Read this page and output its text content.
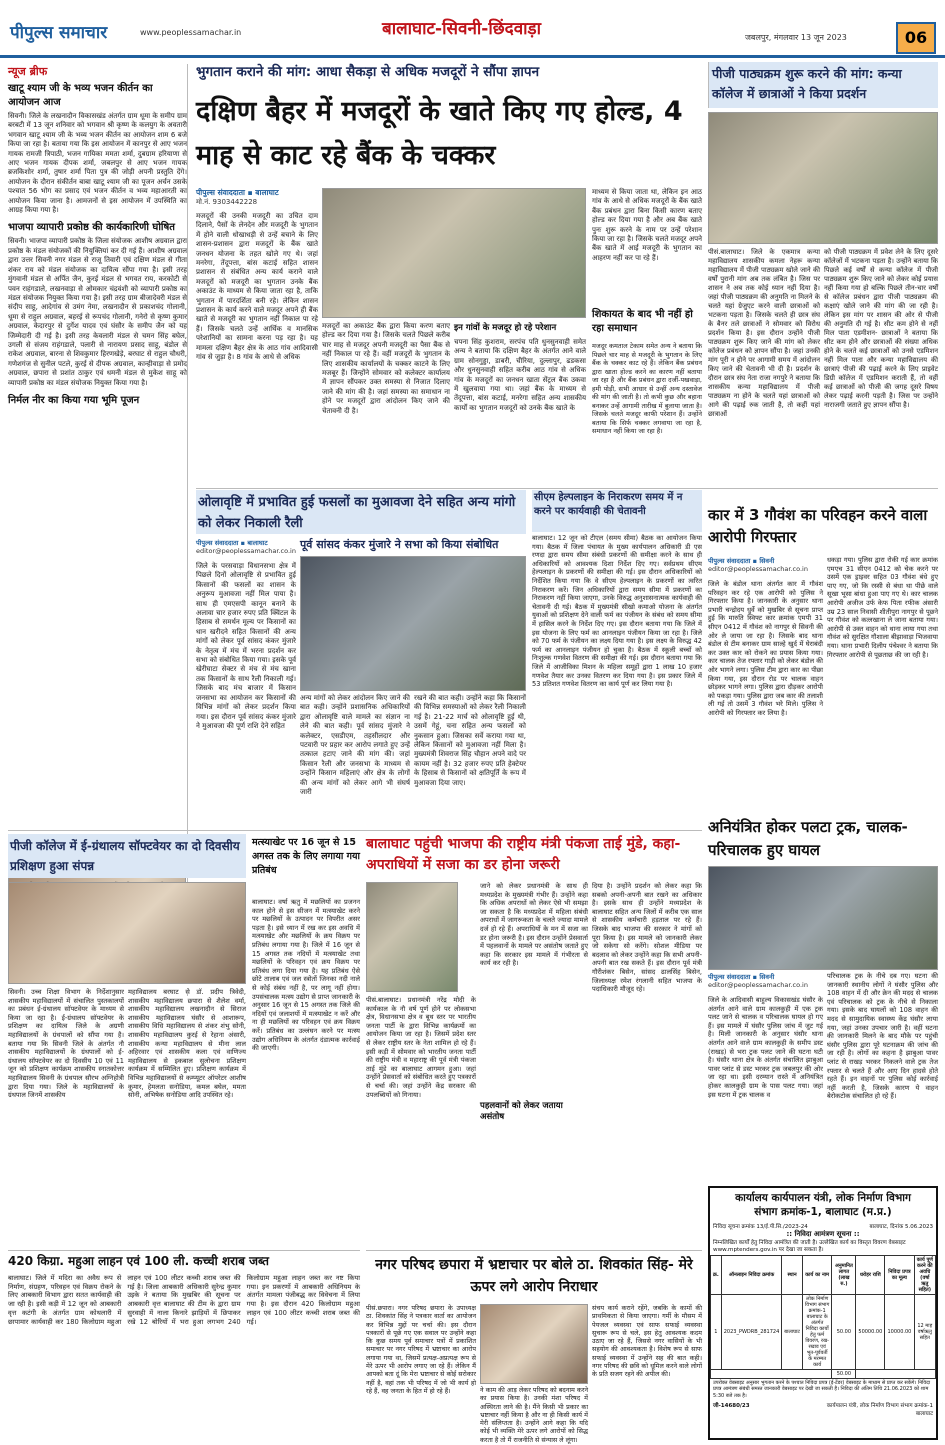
पीपुल्स समाचार	www.peoplessamachar.in	बालाघाट-सिवनी-छिंदवाड़ा	जबलपुर, मंगलवार 13 जून 2023	06
न्यूज ब्रीफ
खाटू श्याम जी के भव्य भजन कीर्तन का आयोजन आज
सिवनी। जिले के लखनादौन विकासखंड अंतर्गत ग्राम धूमा के समीप ग्राम बरबटी में 13 जून शनिवार को भगवान श्री कृष्ण के कलयुग के अवतारी भगवान खाटू श्याम जी के भव्य भजन कीर्तन का आयोजन शाम 6 बजे किया जा रहा है। बताया गया कि इस आयोजन में कानपुर से आए भजन गायक रामजी त्रिपाठी, भजन गायिका ममता शर्मा, दुबग्राम हरियाणा से आए भजन गायक दीपक शर्मा, जबलपुर से आए भजन गायक ब्रजकिशोर शर्मा, तुषार शर्मा पिता पुत्र की जोड़ी अपनी प्रस्तुति देंगे। आयोजन के दौरान संकीर्तन बाबा खाटू श्याम जी का पूजन अर्चन उसके पश्चात 56 भोग का प्रसाद एवं भजन कीर्तन व भव्य महाआरती का आयोजन किया जाना है। आमजनों से इस आयोजन में उपस्थिति का आग्रह किया गया है।
भाजपा व्यापारी प्रकोष्ठ की कार्यकारिणी घोषित
सिवनी। भाजपा व्यापारी प्रकोष्ठ के जिला संयोजक आशीष अग्रवाल द्वारा प्रकोष्ठ के मंडल संयोजकों की नियुक्तियां कर दी गई हैं। आशीष अग्रवाल द्वारा उत्तर सिवनी नगर मंडल से राजू तिवारी एवं दक्षिण मंडल से गीता शंकर राय को मंडल संयोजक का दायित्व सौंपा गया है। इसी तरह मुंगवानी मंडल से अर्पित जैन, कुरई मंडल से भगवत राय, करकोटी से पवन राहंगडाले, लखनवाड़ा से ओमकार चंद्रवंशी को व्यापारी प्रकोष्ठ का मंडल संयोजक नियुक्त किया गया है। इसी तरह ग्राम बीजादेवरी मंडल से संदीप साहू, आदेगांव से उमंग नेमा, लखनादौन से प्रकाशचंद गोलानी, धूमा से राहुल अग्रवाल, बहरई से रूपचंद गोलानी, गनेरो से कृष्ण कुमार अग्रवाल, केदारपुर से दुर्गेश यादव एवं घंसौर के समीप जैन को यह जिम्मेदारी दी गई है। इसी तरह केवलारी मंडल से चमन सिंह बघेल, उगली से संजय राहंगडाले, पलारी से नारायण प्रसाद साहू, बंडोल से राकेश अग्रवाल, बारना से शिवकुमार हिरणखेड़े, बरघाट से राहुल चौधरी, गणेशगंज से सुनील पटले, कुरई से दीपक अग्रवाल, कान्हीवाड़ा से प्रमोद अग्रवाल, छपारा से प्रशांत ठाकुर एवं धमनी मंडल से मुकेश साहू को व्यापारी प्रकोष्ठ का मंडल संयोजक नियुक्त किया गया है।
निर्मल नीर का किया गया भूमि पूजन
भुगतान कराने की मांग: आधा सैकड़ा से अधिक मजदूरों ने सौंपा ज्ञापन
दक्षिण बैहर में मजदूरों के खाते किए गए होल्ड, 4 माह से काट रहे बैंक के चक्कर
पीपुल्स संवाददाता ▪ बालाघाट
मो.नं. 9303442228
मजदूरों की उनकी मजदूरी का उचित दाम दिलाने, पैसों के लेनदेन और मजदूरी के भुगतान में होने वाली धोखाधड़ी से उन्हें बचाने के लिए शासन-प्रशासन द्वारा मजदूरों के बैंक खाते जनधन योजना के तहत खोले गए थे। जहां मनरेगा, तेंदूपत्ता, बांस कटाई सहित शासन प्रशासन से संबंधित अन्य कार्य कराने वाले मजदूरों को मजदूरी का भुगतान उनके बैंक अकाउंट के माध्यम से किया जाता रहा है, ताकि भुगतान में पारदर्शिता बनी रहे। लेकिन शासन प्रशासन के कार्य करने वाले मजदूर अपने ही बैंक खाते से मजदूरी का भुगतान नहीं निकाल पा रहे हैं। जिसके चलते उन्हें आर्थिक व मानसिक परेशानियों का सामना करना पड़ रहा है। यह मामला दक्षिण बैहर क्षेत्र के आठ गांव आदिवासी गांव से जुड़ा है। 8 गांव के आधे से अधिक
मजदूरों का अकाउंट बैंक द्वारा किया करण बताए होल्ड कर दिया गया है। जिसके चलते पिछले करीब चार माह से मजदूर अपनी मजदूरी का पैसा बैंक से नहीं निकाल पा रहे हैं। वहीं मजदूरों के भुगतान के लिए शासकीय कार्यालयों के चक्कर काटने के लिए मजबूर हैं। जिन्होंने सोमवार को कलेक्टर कार्यालय में ज्ञापन सौंपकर उक्त समस्या से निजात दिलाए जाने की मांग की है। जहां समस्या का समाधान ना होने पर मजदूरों द्वारा आंदोलन किए जाने की चेतावनी दी है।
इन गांवों के मजदूर हो रहे परेशान
चपना सिंह कुशराम, सरपंच पति धुनसुनवाही समेत अन्य ने बताया कि दक्षिण बैहर के अंतर्गत आने वाले ग्राम सोनगुड्डा, डाबरी, चीरिया, दुल्लापुर, ढडकसा और धुनसुनवाही सहित करीब आठ गांव से अधिक गांव के मजदूरों का जनधन खाता सेंट्रल बैंक उकवा में खुलवाया गया था। जहां बैंक के माध्यम से तेंदूपत्ता, बांस कटाई, मनरेगा सहित अन्य शासकीय कार्यों का भुगतान मजदूरों को उनके बैंक खाते के
माध्यम से किया जाता था, लेकिन इन आठ गांव के आधे से अधिक मजदूरों के बैंक खाते बैंक प्रबंधन द्वारा बिना किसी कारण बताए होल्ड कर दिया गया है और अब बैंक खाते पुनः शुरू करने के नाम पर उन्हें परेशान किया जा रहा है। जिसके चलते मजदूर अपने बैंक खाते में आई मजदूरी के भुगतान का आहरण नहीं कर पा रहे हैं।
शिकायत के बाद भी नहीं हो रहा समाधान
मजदूर कमताल टेकाम समेत अन्य ने बताया कि पिछले चार माह से मजदूरी के भुगतान के लिए बैंक के चक्कर काट रहे हैं। लेकिन बैंक प्रबंधन द्वारा खाता होल्ड करने का कारण नहीं बताया जा रहा है और बैंक प्रबंधन द्वारा दर्जी-पखवाड़ा, हमी पोड़ी, सभी आधार से उन्हीं अन्य दस्तावेज की मांग की जाती है। तो कभी कुछ और बहाना बनाकर उन्हें आगामी तारीख में बुलाया जाता है। जिसके चलते मजदूर काफी परेशान हैं। उन्होंने बताया कि सिर्फ चक्कर लगवाया जा रहा है, समाधान नहीं किया जा रहा है।
पीजी पाठ्यक्रम शुरू करने की मांग: कन्या कॉलेज में छात्राओं ने किया प्रदर्शन
पीसं.बालाघाट। जिले के एकमात्र कन्या महाविद्यालय शासकीय कमला नेहरू कन्या महाविद्यालय में पीजी पाठ्यक्रम खोले जाने की वर्षों पुरानी मांग अब तक लंबित है। जिस पर शासन ने अब तक कोई ध्यान नहीं दिया है। जहां पीजी पाठ्यक्रम की अनुमति ना मिलने के चलते यहां ग्रेजुएट करने वाली छात्राओं को भटकना पड़ता है। जिसके चलते ही छात्र संघ के बैनर तले छात्राओं ने सोमवार को विरोध प्रदर्शन किया है। इस दौरान उन्होंने पीजी पाठ्यक्रम शुरू किए जाने की मांग को लेकर कॉलेज प्रबंधन को ज्ञापन सौंपा है। जहां उनकी मांग पूरी न होने पर आगामी समय में आंदोलन किए जाने की चेतावनी भी दी है। प्रदर्शन के दौरान छात्र संघ नेता राजा नगपुरे ने बताया कि शासकीय कन्या महाविद्यालय में पीजी पाठ्यक्रम ना होने के चलते यहां छात्राओं को आगे की पढ़ाई रुक जाती है, तो कहीं यहां छात्राओं
को पीजी पाठ्यक्रम में प्रवेश लेने के लिए दूसरे कॉलेजों में भटकना पड़ता है। उन्होंने बताया कि पिछले कई वर्षों से कन्या कॉलेज में पीजी पाठ्यक्रम शुरू किए जाने को लेकर कोई प्रयास नहीं किया गया हो बल्कि पिछले तीन-चार वर्षों से कॉलेज प्रबंधन द्वारा पीजी पाठ्यक्रम की कक्षाएं खोले जाने की मांग की जा रही है। लेकिन इस मांग पर शासन की ओर से पीजी की अनुमति दी गई है। सीट कम होने से नहीं मिल पाता एडमीशन- छात्राओं ने बताया कि सीट कम होने और छात्राओं की संख्या अधिक होने के चलते कई छात्राओं को उनसे एडमिशन नहीं मिल पाता और कन्या महाविद्यालय की छात्राएं पीजी की पढ़ाई करने के लिए प्राइवेट डिग्री कॉलेज में एडमिशन कराती हैं, तो वहीं कई छात्राओं को पीजी की जगह दूसरे विषय लेकर पढ़ाई करनी पड़ती है। जिस पर उन्होंने नाराजगी जताते हुए ज्ञापन सौंपा है।
ओलावृष्टि में प्रभावित हुई फसलों का मुआवजा देने सहित अन्य मांगो को लेकर निकाली रैली
पूर्व सांसद कंकर मुंजारे ने सभा को किया संबोधित
पीपुल्स संवाददाता ▪ बालाघाट
editor@peoplessamachar.co.in
जिले के परसवाड़ा विधानसभा क्षेत्र में पिछले दिनों ओलावृष्टि से प्रभावित हुई किसानों की फसलों का शासन के अनुरूप मुआवजा नहीं मिल पाया है। साथ ही एमएसपी कानून बनाने के अलावा चार हजार रुपए प्रति क्विंटल के हिसाब से समर्थन मूल्य पर किसानों का धान खरीदने सहित किसानों की अन्य मांगों को लेकर पूर्व सांसद कंकर मुंजारे के नेतृत्व में मंच में भरना प्रदर्शन कर सभा को संबोधित किया गया। इसके पूर्व खेरीघाटा सेक्टर से मंच से मंच खाना तक किसानों के साथ रैली निकाली गई। जिसके बाद मंच बाजार में किसान जनसभा का आयोजन कर किसानों की विभिन्न मांगों को लेकर प्रदर्शन किया गया। इस दौरान पूर्व सांसद कंकर मुंजारे ने मुआवजा की पूर्ण राशि देने सहित
अन्य मांगों को लेकर आंदोलन किए जाने की बात कही। उन्होंने प्रशासनिक अधिकारियों द्वारा ओलावृष्टि वाले मामले का संज्ञान ना लेने की बात कही। पूर्व सांसद मुंजारे ने कलेक्टर, एसडीएम, तहसीलदार और पटवारी पर प्रहार कर आरोप लगाते हुए उन्हें तत्काल हटाए जाने की मांग की। जहां किसान रैली और जनसभा के माध्यम से उन्होंने किसान महिलाएं और क्षेत्र के लोगों की अन्य मांगों को लेकर आगे भी संघर्ष जारी
रखने की बात कही। उन्होंने कहा कि किसानों की विभिन्न समस्याओं को लेकर रैली निकाली गई है। 21-22 मार्च को ओलावृष्टि हुई थी, उसमें गेहूं, चना सहित अन्य फसलों को नुकसान हुआ। जिसका सर्वे कराया गया था, लेकिन किसानों को मुआवजा नहीं मिला है। मुख्यमंत्री शिवराज सिंह चौहान अपने वादे पर कायम नहीं है। 32 हजार रुपए प्रति हेक्टेयर के हिसाब से किसानों को क्षतिपूर्ति के रूप में मुआवजा दिया जाए।
सीएम हेल्पलाइन के निराकरण समय में न करने पर कार्यवाही की चेतावनी
बालाघाट। 12 जून को टीएल (समय सीमा) बैठक का आयोजन किया गया। बैठक में जिला पंचायत के मुख्य कार्यपालन अधिकारी डी एस रणदा द्वारा समय सीमा संबंधी प्रकरणों की समीक्षा करने के साथ ही अधिकारियों को आवश्यक दिशा निर्देश दिए गए। सर्वप्रथम सीएम हेल्पलाइन के प्रकरणों की समीक्षा की गई। इस दौरान अधिकारियों को निर्देशित किया गया कि वे सीएम हेल्पलाइन के प्रकरणों का त्वरित निराकरण करें। जिन अधिकारियों द्वारा समय सीमा में प्रकरणों का निराकरण नहीं किया जाएगा, उनके विरुद्ध अनुशासनात्मक कार्यवाही की चेतावनी दी गई। बैठक में मुख्यमंत्री सीखो कमाओ योजना के अंतर्गत युवाओं को प्रशिक्षण देने वाली फर्म का पंजीयन के संबंध को समय सीमा में हासिल करने के निर्देश दिए गए। इस दौरान बताया गया कि जिले में इस योजना के लिए फर्म का आनलाइन पंजीयन किया जा रहा है। जिले को 70 फर्म के पंजीयन का लक्ष्य दिया गया है। इस लक्ष्य के विरुद्ध 42 फर्म का आनलाइन पंजीयन हो चुका है। बैठक में स्कूली बच्चों को निःशुल्क गणवेश वितरण की समीक्षा की गई। इस दौरान बताया गया कि जिले में आजीविका मिशन के महिला समूहों द्वारा 1 लाख 10 हजार गणवेश तैयार कर उनका वितरण कर दिया गया है। इस प्रकार जिले में 53 प्रतिशत गणवेश वितरण का कार्य पूर्ण कर लिया गया है।
कार में 3 गौवंश का परिवहन करने वाला आरोपी गिरफ्तार
पीपुल्स संवाददाता ▪ सिवनी
editor@peoplessamachar.co.in
जिले के बंडोल थाना अंतर्गत कार में गौवंश परिवहन कर रहे एक आरोपी को पुलिस ने गिरफ्तार किया है। जानकारी के अनुसार थाना प्रभारी चन्द्रोदय धुर्वे को मुखबिर से सूचना प्राप्त हुई कि मारुति स्विफ्ट कार क्रमांक एमपी 31 सीएन 0412 में गौवंश को नागपुर से सिवनी की ओर ले जाया जा रहा है। जिसके बाद थाना बंडोल से टीम बनाकर ग्राम साल्हे खुर्द में घेराबंदी कर उक्त कार को रोकने का प्रयास किया गया। कार चालक तेज रफ्तार गाड़ी को लेकर बंडोल की ओर भागने लगा। पुलिस टीम द्वारा कार का पीछा किया गया, इस दौरान रोड पर चालक वाहन छोड़कर भागने लगा। पुलिस द्वारा दौड़कर आरोपी को पकड़ा गया। पुलिस द्वारा जब कार की तलाशी ली गई तो उसमें 3 गौवंश भरे मिले। पुलिस ने आरोपी को गिरफ्तार कर लिया है।
धकड़ा गया। पुलिस द्वारा रोकी गई कार क्रमांक एमएच 31 सीएन 0412 को चेक करने पर उसमें एक ड्राइवर सहित 03 गौवंश बंधे हुए पाए गए, जो कि रस्सी से बंधा था पीछे वाले सूखा भूसा बांधा हुआ पाए गए थे। कार चालक आरोपी अजीज उर्फ केफ पिता रफीक अंसारी उम्र 23 साल निवासी शीतीपुरा नागपुर से पूछने पर गौवंश को कत्लखाना ले जाना बताया गया। आरोपी से उक्त वाहन को थाना लाया गया तथा गौवंश को सुरक्षित गौशाला बीझावाड़ा भिजवाया गया। थाना प्रभारी दिलीप पंचेश्वर ने बताया कि गिरफ्तार आरोपी से पूछताछ की जा रही है।
अनियंत्रित होकर पलटा ट्रक, चालक-परिचालक हुए घायल
पीपुल्स संवाददाता ▪ सिवनी
editor@peoplessamachar.co.in
जिले के आदिवासी बाहुल्य विकासखंड घंसौर के अंतर्गत आने वाले ग्राम कालकुही में एक ट्रक पलट जाने से चालक व परिचालक घायल हो गए हैं। इस मामले में घंसौर पुलिस जांच में जुट गई है। मिली जानकारी के अनुसार घंसौर थाना अंतर्गत आने वाले ग्राम कालकुही के समीप डस्ट (राखड़) से भरा ट्रक पलट जाने की घटना घटी है। घंसौर थाना क्षेत्र के अंतर्गत संचालित झाबुआ पावर प्लांट से डस्ट भरकर ट्रक जबलपुर की ओर जा रहा था। इसी दरम्यान रास्ते में अनियंत्रित होकर कालकुही ग्राम के पास पलट गया। जहां इस घटना में ट्रक चालक व
परिचालक ट्रक के नीचे दब गए। घटना की जानकारी स्थानीय लोगों ने घंसौर पुलिस और 108 वाहन में दी और क्रेन की मदद से चालक एवं परिचालक को ट्रक के नीचे से निकाला गया। इसके बाद घायलों को 108 वाहन की मदद से सामुदायिक स्वास्थ्य केंद्र घंसौर लाया गया, जहां उनका उपचार जारी है। वहीं घटना की जानकारी मिलने के बाद मौके पर पहुंची घंसौर पुलिस द्वारा पूरे घटनाक्रम की जांच की जा रही है। लोगों का कहना है झाबुआ पावर प्लांट से राखड़ भरकर निकलने वाले ट्रक तेज रफ्तार से चलते हैं और आए दिन हादसे होते रहते हैं। इन वाहनों पर पुलिस कोई कार्रवाई नहीं करती है, जिसके कारण ये वाहन बेरोकटोक संचालित हो रहे हैं।
पीजी कॉलेज में ई-ग्रंथालय सॉफ्टवेयर का दो दिवसीय प्रशिक्षण हुआ संपन्न
सिवनी। उच्च शिक्षा विभाग के निर्देशानुसार शासकीय महाविद्यालयों में संचालित पुस्तकालयों का प्रबंधन ई-ग्रंथालय सॉफ्टवेयर के माध्यम से किया जा रहा है। ई-ग्रंथालय सॉफ्टवेयर के प्रशिक्षण का दायित्व जिले के अग्रणी महाविद्यालयों के ग्रंथपालों को सौंपा गया है। बताया गया कि सिवनी जिले के अंतर्गत नौ शासकीय महाविद्यालयों के ग्रंथपालों को ई-ग्रंथालय सॉफ्टवेयर का दो दिवसीय 10 एवं 11 जून को प्रशिक्षण कार्यक्रम शासकीय स्नातकोत्तर महाविद्यालय सिवनी के ग्रंथपाल सौरभ अग्निहोत्री द्वारा दिया गया। जिले के महाविद्यालयों के ग्रंथपाल जिनमें शासकीय
महाविद्यालय बरघाट से डॉ. प्रदीप त्रिवेदी, शासकीय महाविद्यालय छपारा से शैलेश वर्मा, शासकीय महाविद्यालय लखनादौन से सिराज शासकीय महाविद्यालय घंसौर से आशारूप, शासकीय विधि महाविद्यालय से शंकर शंभु सोनी, शासकीय महाविद्यालय कुरई से रेहाना अंसारी, शासकीय कन्या महाविद्यालय से मीना लाल अहिरवार एवं शासकीय कला एवं वाणिज्य महाविद्यालय से इकबाल सुलोचना प्रशिक्षण कार्यक्रम में सम्मिलित हुए। प्रशिक्षण कार्यक्रम में विभिन्न महाविद्यालयों से कम्प्यूटर ऑपरेटर आशीष कुमार, हेमलता सनोडिया, कमल बघेल, ममता सोनी, अभिषेक सनोडिया आदि उपस्थित रहे।
मत्स्याखेट पर 16 जून से 15 अगस्त तक के लिए लगाया गया प्रतिबंध
बालाघाट। वर्षा ऋतु में मछलियों का प्रजनन काल होने से इस सीजन में मत्स्याखेट करने पर मछलियों के उत्पादन पर विपरीत असर पड़ता है। इसे ध्यान में रख कर इस अवधि में मत्स्याखेट और मछलियों के क्रय विक्रय पर प्रतिबंध लगाया गया है। जिले में 16 जून से 15 अगस्त तक नदियों में मत्स्याखेट तथा मछलियों के परिवहन एवं क्रय विक्रय पर प्रतिबंध लगा दिया गया है। यह प्रतिबंध ऐसे छोटे तालाब एवं जल स्त्रोतों जिनका नदी नाले से कोई संबंध नहीं है, पर लागू नहीं होगा। उपसंचालक मत्स्य उद्योग से प्राप्त जानकारी के अनुसार 16 जून से 15 अगस्त तक जिले की नदियों एवं जलाशयों में मत्स्याखेट न करें और ना ही मछलियों का परिवहन एवं क्रय विक्रय करें। प्रतिबंध का उल्लंघन करने पर मत्स्य उद्योग अधिनियम के अंतर्गत दंडात्मक कार्रवाई की जाएगी।
बालाघाट पहुंची भाजपा की राष्ट्रीय मंत्री पंकजा ताई मुंडे, कहा- अपराधियों में सजा का डर होना जरूरी
पीसं.बालाघाट। प्रधानमंत्री नरेंद्र मोदी के कार्यकाल के नौ वर्ष पूर्ण होने पर लोकसभा क्षेत्र, विधानसभा क्षेत्र व बूथ स्तर पर भारतीय जनता पार्टी के द्वारा विभिन्न कार्यक्रमों का आयोजन किया जा रहा है। जिसमें प्रदेश स्तर से लेकर राष्ट्रीय स्तर के नेता शामिल हो रहे हैं। इसी कड़ी में सोमवार को भारतीय जनता पार्टी की राष्ट्रीय मंत्री व महाराष्ट्र की पूर्व मंत्री पंकजा ताई मुंडे का बालाघाट आगमन हुआ। जहां उन्होंने प्रेसवार्ता को संबोधित करते हुए पत्रकारों से चर्चा की। जहां उन्होंने केंद्र सरकार की उपलब्धियों को गिनाया।
जाने को लेकर प्रधानमंत्री के साथ ही मध्यप्रदेश के मुख्यमंत्री गंभीर हैं। उन्होंने कहा कि अधिक अपराधों को लेकर ऐसे भी समझा जा सकता है कि मध्यप्रदेश में महिला संबंधी अपराधों में जागरूकता के चलते ज्यादा मामले दर्ज हो रहे हैं। अपराधियों के मन में सजा का डर होना जरूरी है। इस दौरान उन्होंने प्रेसवार्ता में पहलवानों के मामले पर असंतोष जताते हुए कहा कि सरकार इस मामले में गंभीरता से कार्य कर रही है।
दिया है। उन्होंने प्रदर्शन को लेकर कहा कि सबको अपनी-अपनी बात रखने का अधिकार है। इसके साथ ही उन्होंने मध्यप्रदेश के बालाघाट सहित अन्य जिलों में करीब एक साल से शासकीय कर्मचारी हड़ताल पर रहे हैं। जिसके बाद भाजपा की सरकार ने मांगों को पूरा किया है। इस मामले को जानकारी लेकर जो सकेगा सो करेंगे। सोशल मीडिया पर बदलाव को लेकर उन्होंने कहा कि सभी अपनी-अपनी बात रख सकते हैं। इस दौरान पूर्व मंत्री गौरीशंकर बिसेन, सांसद ढालसिंह बिसेन, जिलाध्यक्ष रमेश रंगलानी सहित भाजपा के पदाधिकारी मौजूद रहे।
पहलवानों को लेकर जताया असंतोष
420 किग्रा. महुआ लाहन एवं 100 ली. कच्ची शराब जब्त
बालाघाट। जिले में मदिरा का अवैध रूप से निर्माण, संग्रहण, परिवहन एवं विक्रय रोकने के लिए आबकारी विभाग द्वारा सतत कार्यवाही की जा रही है। इसी कड़ी में 12 जून को आबकारी वृत्त कटंगी के अंतर्गत ग्राम कोथलारी में छापामार कार्यवाही कर 180 किलोग्राम महुआ लाहन एवं 100 लीटर कच्ची शराब जब्त की गई है। जिला आबकारी अधिकारी सुरेन्द्र कुमार उइके ने बताया कि मुखबिर की सूचना पर आबकारी वृत्त बालाघाट की टीम के द्वारा ग्राम सुरवाही में नाला किनारे झाड़ियों में छिपाकर रखे 12 बोरियों में भरा हुआ लगभग 240 किलोग्राम महुआ लाहन जब्त कर नष्ट किया गया। इन प्रकरणों में आबकारी अधिनियम के अंतर्गत मामला पंजीबद्ध कर विवेचना में लिया गया है। इस दौरान 420 किलोग्राम महुआ लाहन एवं 100 लीटर कच्ची शराब जब्त की गई।
नगर परिषद छपारा में भ्रष्टाचार पर बोले ठा. शिवकांत सिंह- मेरे ऊपर लगे आरोप निराधार
पीसं.छपारा। नगर परिषद छपारा के उपाध्यक्ष ठा. शिवकांत सिंह ने पत्रकार वार्ता का आयोजन कर विभिन्न मुद्दों पर चर्चा की। इस दौरान पत्रकारों से पूछे गए एक सवाल पर उन्होंने कहा कि कुछ समय पूर्व समाचार पत्रों में प्रकाशित समाचार पर नगर परिषद में भ्रष्टाचार का आरोप लगाया गया था, जिसमें प्रत्यक्ष-अप्रत्यक्ष रूप से मेरे ऊपर भी आरोप लगाए जा रहे हैं। लेकिन मैं आपको बता दूं कि मेरा भ्रष्टाचार से कोई सरोकार नहीं है, वहां तक भी परिषद में जो भी कार्य हो रहे हैं, वह जनता के हित में हो रहे हैं।	ने काम की आड़ लेकर परिषद को बदनाम करने का प्रयास किया है। उनकी मंशा परिषद में अस्थिरता लाने की है। मैंने किसी भी प्रकार का भ्रष्टाचार नहीं किया है और ना ही किसी कार्य में मेरी संलिप्तता है। उन्होंने आगे कहा कि यदि कोई भी व्यक्ति मेरे ऊपर लगे आरोपों को सिद्ध करता है तो मैं राजनीति से संन्यास ले लूंगा।
संचय कार्य कराने रहेंगे, जबकि के कामों की प्राथमिकता से किया जाएगा। गर्मी के मौसम में पेयजल व्यवस्था एवं साफ सफाई व्यवस्था सुचारू रूप से चले, इस हेतु आवश्यक कदम उठाए जा रहे हैं, जिससे नगर वासियों के भी सहयोग की आवश्यकता है। विशेष रूप से साफ सफाई व्यवस्था में उन्होंने सह की बात कही। नगर परिषद की छवि को धूमिल करने वाले लोगों के प्रति सजग रहने की अपील की।
कार्यालय कार्यपालन यंत्री, लोक निर्माण विभाग
संभाग क्रमांक-1, बालाघाट (म.प्र.)
निविदा सूचना क्रमांक 13/ई.पी.सि./2023-24	बालाघाट, दिनांक 5.06.2023
:: निविदा आमंत्रण सूचना ::
निम्नलिखित कार्यों हेतु निविदा आमंत्रित की जाती है। उल्लेखित कार्य का विस्तृत विवरण वेबसाइट www.mptenders.gov.in पर देखा जा सकता है।
क्र.	ऑनलाइन निविदा क्रमांक	स्थान	कार्य का नाम	अनुमानित लागत (लाख रु.)	धरोहर राशि	निविदा प्रपत्र का मूल्य	कार्य पूर्ण करने की अवधि (वर्षा ऋतु सहित)
1	2023_PWDRB_281724	बालाघाट	लोक निर्माण विभाग संभाग क्रमांक-1 बालाघाट के अंतर्गत निविदा कार्यों हेतु फर्म विवरण, रख-रखाव एवं भूत-पूर्ववर्ती के मरम्मत कार्य	50.00	50000.00	10000.00	12 माह वर्षाऋतु सहित
				50.00			
उपरोक्त वेबसाइट अनुसार भुगतान करने के पश्चात निविदा प्रपत्र (ई-टेंडर) वेबसाइट के माध्यम से प्राप्त कर सकेंगे। निविदा प्रपत्र आमंत्रण संबंधी समस्त जानकारी वेबसाइट पर देखी जा सकती है। निविदा की अंतिम तिथि 21.06.2023 को शाम 5:30 बजे तक है।
जी-14680/23	कार्यपालन यंत्री, लोक निर्माण विभाग संभाग क्रमांक-1 बालाघाट
